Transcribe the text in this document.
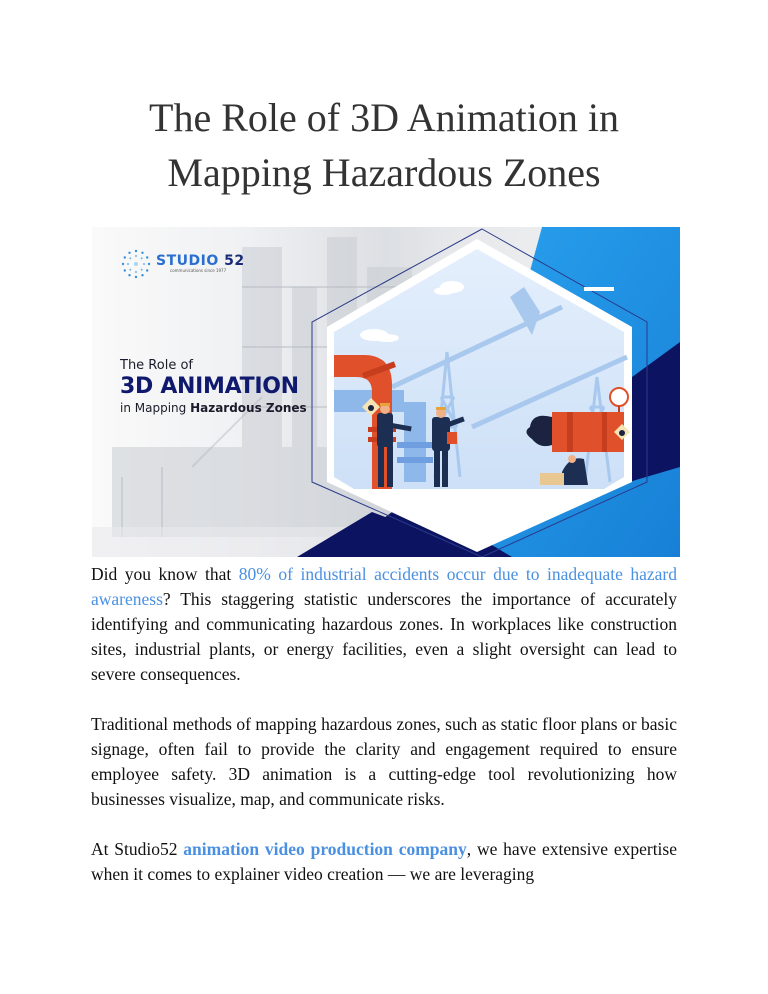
The Role of 3D Animation in
Mapping Hazardous Zones
STUDIO 52
communications since 1977
The Role of
3D ANIMATION
in Mapping Hazardous Zones

Did you know that 80% of industrial accidents occur due to inadequate hazard awareness? This staggering statistic underscores the importance of accurately identifying and communicating hazardous zones. In workplaces like construction sites, industrial plants, or energy facilities, even a slight oversight can lead to severe consequences.

Traditional methods of mapping hazardous zones, such as static floor plans or basic signage, often fail to provide the clarity and engagement required to ensure employee safety. 3D animation is a cutting-edge tool revolutionizing how businesses visualize, map, and communicate risks.

At Studio52 animation video production company, we have extensive expertise when it comes to explainer video creation — we are leveraging
